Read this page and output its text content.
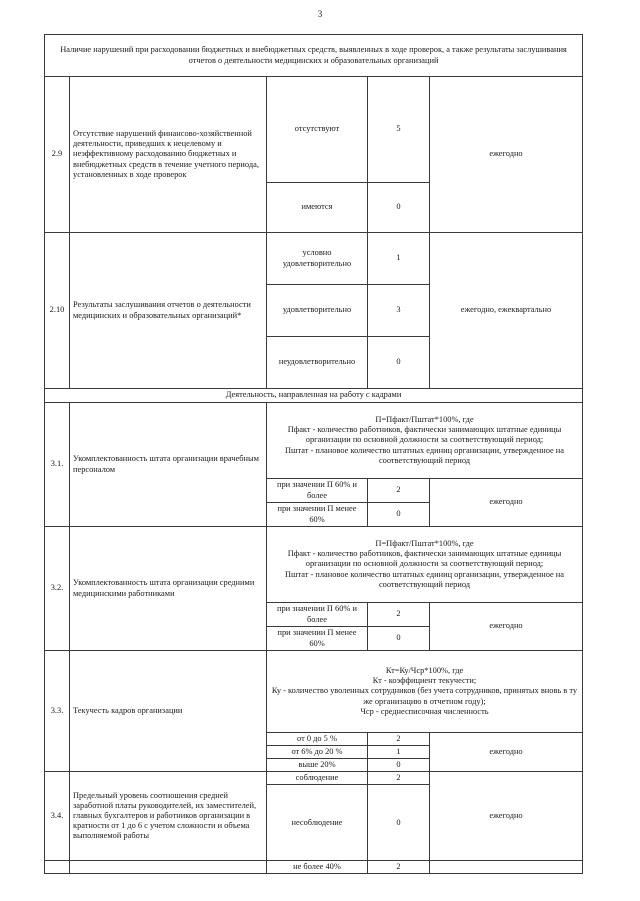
3
Наличие нарушений при расходовании бюджетных и внебюджетных средств, выявленных в ходе проверок, а также результаты заслушивания отчетов о деятельности медицинских и образовательных организаций				
2.9	Отсутствие нарушений финансово-хозяйственной деятельности, приведших к нецелевому и неэффективному расходованию бюджетных и внебюджетных средств в течение учетного периода, установленных в ходе проверок	отсутствуют	5	ежегодно
		имеются	0	
2.10	Результаты заслушивания отчетов о деятельности медицинских и образовательных организаций*	условно удовлетворительно	1	ежегодно, ежеквартально
		удовлетворительно	3	
		неудовлетворительно	0	
Деятельность, направленная на работу с кадрами				
3.1.	Укомплектованность штата организации врачебным персоналом	П=Пфакт/Пштат*100%, где
Пфакт - количество работников, фактически занимающих штатные единицы организации по основной должности за соответствующий период;
Пштат - плановое количество штатных единиц организации, утвержденное на соответствующий период		

		при значении П 60% и более	2	ежегодно
		при значении П менее 60%	0	
3.2.	Укомплектованность штата организации средними медицинскими работниками	П=Пфакт/Пштат*100%, где
Пфакт - количество работников, фактически занимающих штатные единицы организации по основной должности за соответствующий период;
Пштат - плановое количество штатных единиц организации, утвержденное на соответствующий период		

		при значении П 60% и более	2	ежегодно
		при значении П менее 60%	0	
3.3.	Текучесть кадров организации	Кт=Ку/Чср*100%, где
Кт - коэффициент текучести;
Ку - количество уволенных сотрудников (без учета сотрудников, принятых вновь в ту же организацию в отчетном году);
Чср - среднесписочная численность		

		от 0 до 5 %	2	ежегодно
		от 6% до 20 %	1	
		выше 20%	0	
3.4.	Предельный уровень соотношения средней заработной платы руководителей, их заместителей, главных бухгалтеров и работников организации в кратности от 1 до 6 с учетом сложности и объема выполняемой работы	соблюдение	2	ежегодно
		несоблюдение	0	
		не более 40%	2	
